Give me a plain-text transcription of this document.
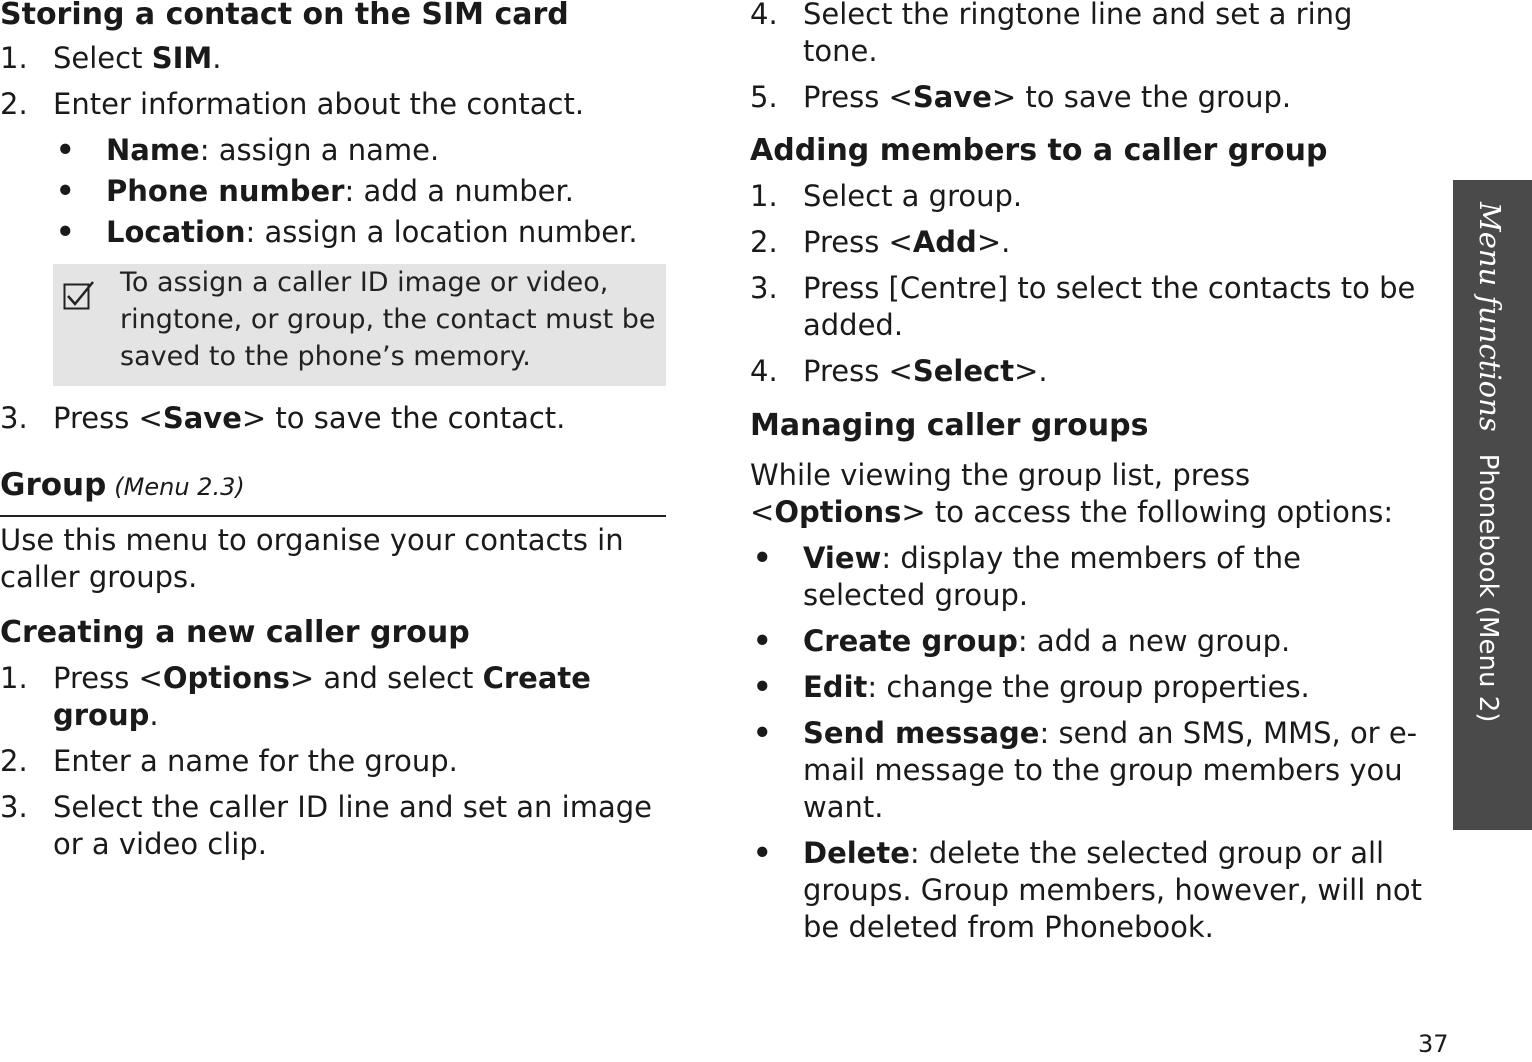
Storing a contact on the SIM card
1. Select SIM.
2. Enter information about the contact.
• Name: assign a name.
• Phone number: add a number.
• Location: assign a location number.
To assign a caller ID image or video, ringtone, or group, the contact must be saved to the phone’s memory.
3. Press <Save> to save the contact.
Group (Menu 2.3)
Use this menu to organise your contacts in caller groups.
Creating a new caller group
1. Press <Options> and select Create group.
2. Enter a name for the group.
3. Select the caller ID line and set an image or a video clip.
4. Select the ringtone line and set a ring tone.
5. Press <Save> to save the group.
Adding members to a caller group
1. Select a group.
2. Press <Add>.
3. Press [Centre] to select the contacts to be added.
4. Press <Select>.
Managing caller groups
While viewing the group list, press <Options> to access the following options:
• View: display the members of the selected group.
• Create group: add a new group.
• Edit: change the group properties.
• Send message: send an SMS, MMS, or e-mail message to the group members you want.
• Delete: delete the selected group or all groups. Group members, however, will not be deleted from Phonebook.
Menu functionsPhonebook (Menu 2)
37
